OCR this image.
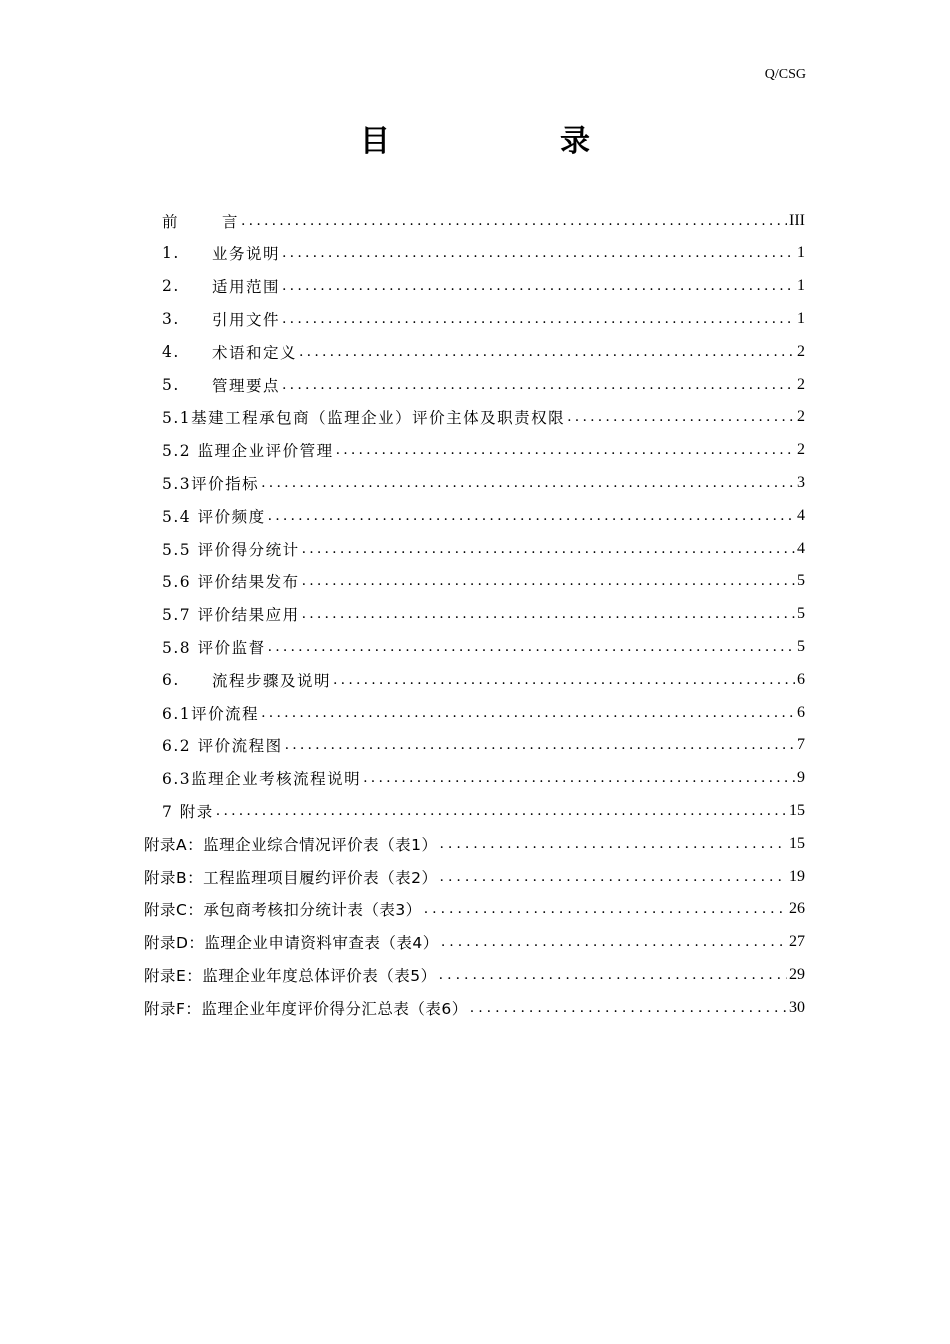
Q/CSG
目　录
前	言 .....	III
1.	业务说明 .....	1
2.	适用范围 .....	1
3.	引用文件 .....	1
4.	术语和定义 .....	2
5.	管理要点 .....	2
5.1基建工程承包商（监理企业）评价主体及职责权限 .....	2
5.2 监理企业评价管理 .....	2
5.3评价指标 .....	3
5.4 评价频度 .....	4
5.5 评价得分统计 .....	4
5.6 评价结果发布 .....	5
5.7 评价结果应用 .....	5
5.8 评价监督 .....	5
6.	流程步骤及说明 .....	6
6.1评价流程 .....	6
6.2 评价流程图 .....	7
6.3监理企业考核流程说明 .....	9
7 附录 .....	15
附录A：监理企业综合情况评价表（表1） .....	15
附录B：工程监理项目履约评价表（表2） .....	19
附录C：承包商考核扣分统计表（表3） .....	26
附录D：监理企业申请资料审查表（表4） .....	27
附录E：监理企业年度总体评价表（表5） .....	29
附录F：监理企业年度评价得分汇总表（表6） .....	30
